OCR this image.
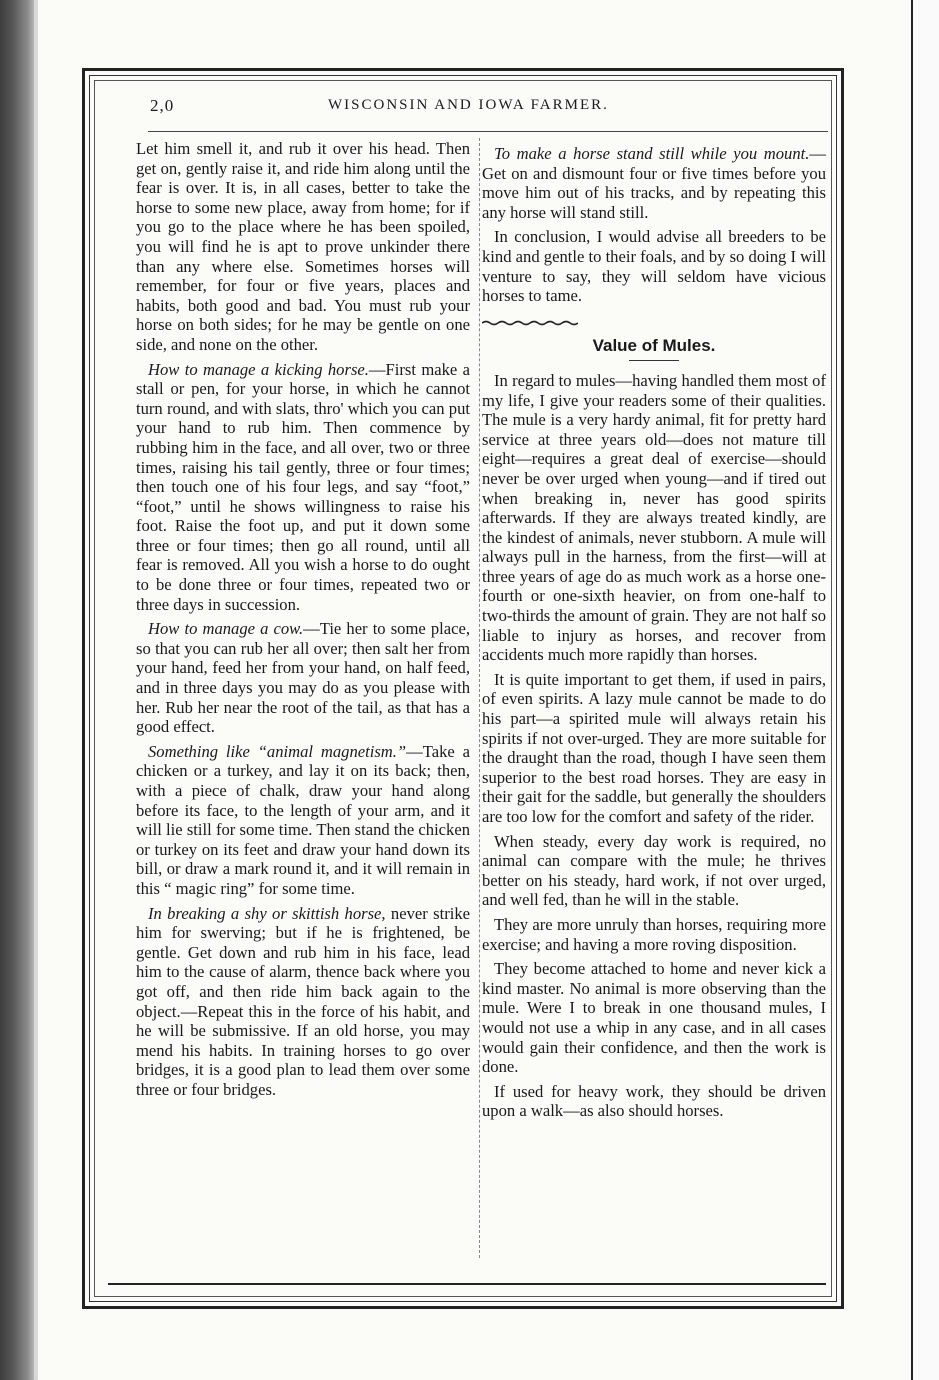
2,0	WISCONSIN AND IOWA FARMER.

Let him smell it, and rub it over his head. Then get on, gently raise it, and ride him along until the fear is over. It is, in all cases, better to take the horse to some new place, away from home; for if you go to the place where he has been spoiled, you will find he is apt to prove unkinder there than any where else. Sometimes horses will remember, for four or five years, places and habits, both good and bad. You must rub your horse on both sides; for he may be gentle on one side, and none on the other.

How to manage a kicking horse.—First make a stall or pen, for your horse, in which he cannot turn round, and with slats, thro' which you can put your hand to rub him. Then commence by rubbing him in the face, and all over, two or three times, raising his tail gently, three or four times; then touch one of his four legs, and say “foot,” “foot,” until he shows willingness to raise his foot. Raise the foot up, and put it down some three or four times; then go all round, until all fear is removed. All you wish a horse to do ought to be done three or four times, repeated two or three days in succession.

How to manage a cow.—Tie her to some place, so that you can rub her all over; then salt her from your hand, feed her from your hand, on half feed, and in three days you may do as you please with her. Rub her near the root of the tail, as that has a good effect.

Something like “animal magnetism.”—Take a chicken or a turkey, and lay it on its back; then, with a piece of chalk, draw your hand along before its face, to the length of your arm, and it will lie still for some time. Then stand the chicken or turkey on its feet and draw your hand down its bill, or draw a mark round it, and it will remain in this “ magic ring” for some time.

In breaking a shy or skittish horse, never strike him for swerving; but if he is frightened, be gentle. Get down and rub him in his face, lead him to the cause of alarm, thence back where you got off, and then ride him back again to the object.—Repeat this in the force of his habit, and he will be submissive. If an old horse, you may mend his habits. In training horses to go over bridges, it is a good plan to lead them over some three or four bridges.

To make a horse stand still while you mount.—Get on and dismount four or five times before you move him out of his tracks, and by repeating this any horse will stand still.

In conclusion, I would advise all breeders to be kind and gentle to their foals, and by so doing I will venture to say, they will seldom have vicious horses to tame.

Value of Mules.

In regard to mules—having handled them most of my life, I give your readers some of their qualities. The mule is a very hardy animal, fit for pretty hard service at three years old—does not mature till eight—requires a great deal of exercise—should never be over urged when young—and if tired out when breaking in, never has good spirits afterwards. If they are always treated kindly, are the kindest of animals, never stubborn. A mule will always pull in the harness, from the first—will at three years of age do as much work as a horse one-fourth or one-sixth heavier, on from one-half to two-thirds the amount of grain. They are not half so liable to injury as horses, and recover from accidents much more rapidly than horses.

It is quite important to get them, if used in pairs, of even spirits. A lazy mule cannot be made to do his part—a spirited mule will always retain his spirits if not over-urged. They are more suitable for the draught than the road, though I have seen them superior to the best road horses. They are easy in their gait for the saddle, but generally the shoulders are too low for the comfort and safety of the rider.

When steady, every day work is required, no animal can compare with the mule; he thrives better on his steady, hard work, if not over urged, and well fed, than he will in the stable.

They are more unruly than horses, requiring more exercise; and having a more roving disposition.

They become attached to home and never kick a kind master. No animal is more observing than the mule. Were I to break in one thousand mules, I would not use a whip in any case, and in all cases would gain their confidence, and then the work is done.

If used for heavy work, they should be driven upon a walk—as also should horses.
